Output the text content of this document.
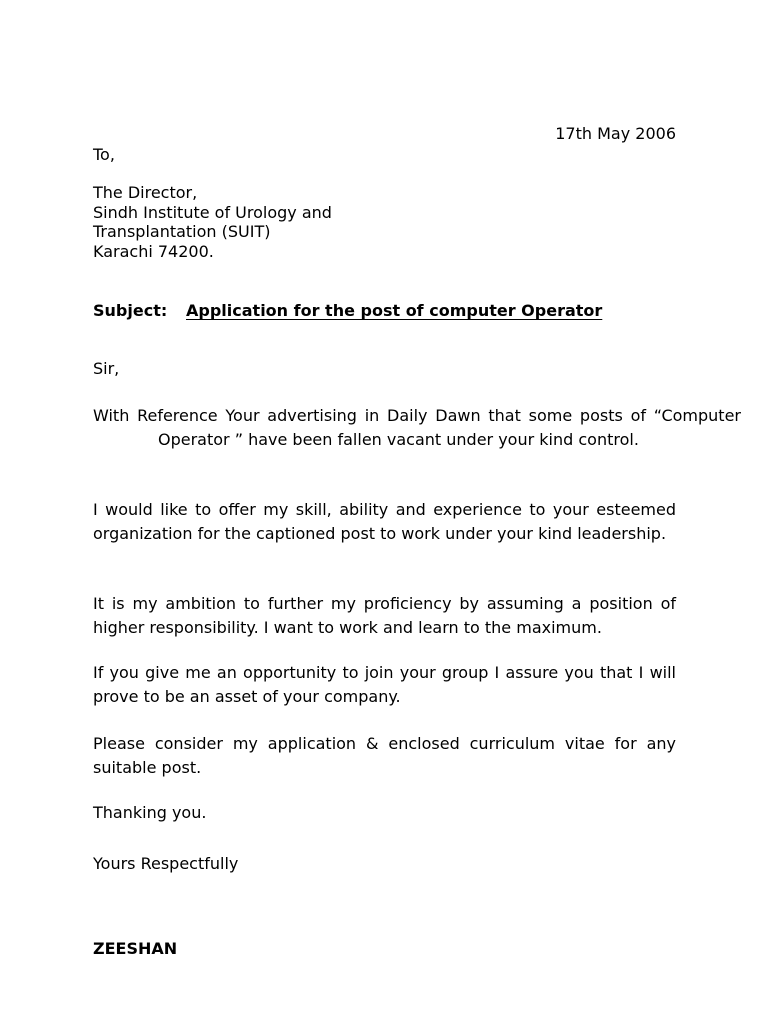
17th May 2006
To,
The Director,
Sindh Institute of Urology and
Transplantation (SUIT)
Karachi 74200.
Subject: Application for the post of computer Operator
Sir,
With Reference Your advertising in Daily Dawn that some posts of “Computer Operator ” have been fallen vacant under your kind control.
I would like to offer my skill, ability and experience to your esteemed organization for the captioned post to work under your kind leadership.
It is my ambition to further my proficiency by assuming a position of higher responsibility. I want to work and learn to the maximum.
If you give me an opportunity to join your group I assure you that I will prove to be an asset of your company.
Please consider my application & enclosed curriculum vitae for any suitable post.
Thanking you.
Yours Respectfully
ZEESHAN
